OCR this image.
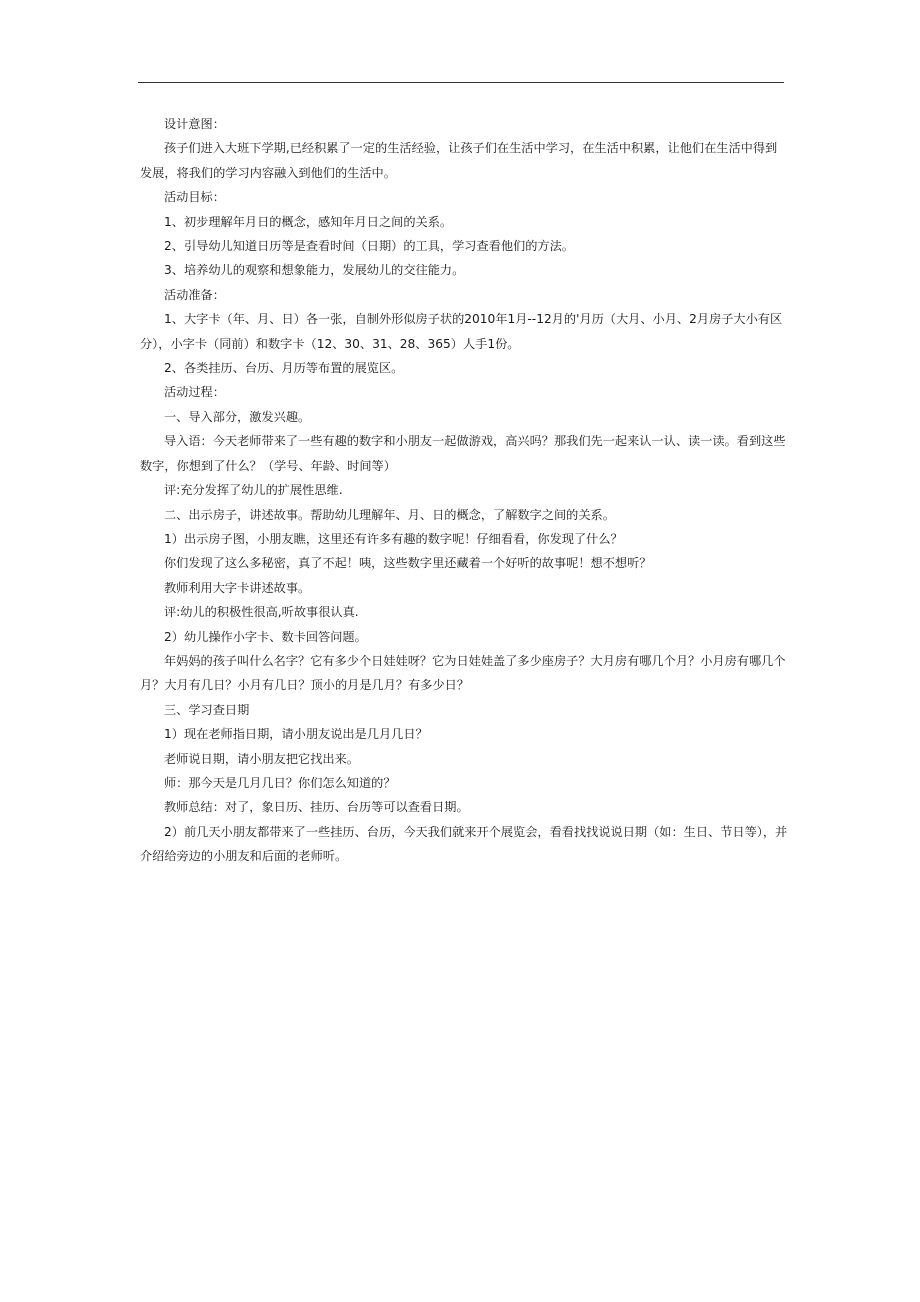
设计意图：

孩子们进入大班下学期,已经积累了一定的生活经验，让孩子们在生活中学习，在生活中积累，让他们在生活中得到发展，将我们的学习内容融入到他们的生活中。

活动目标：

1、初步理解年月日的概念，感知年月日之间的关系。

2、引导幼儿知道日历等是查看时间（日期）的工具，学习查看他们的方法。

3、培养幼儿的观察和想象能力，发展幼儿的交往能力。

活动准备：

1、大字卡（年、月、日）各一张，自制外形似房子状的2010年1月--12月的'月历（大月、小月、2月房子大小有区分），小字卡（同前）和数字卡（12、30、31、28、365）人手1份。

2、各类挂历、台历、月历等布置的展览区。

活动过程：

一、导入部分，激发兴趣。

导入语：今天老师带来了一些有趣的数字和小朋友一起做游戏，高兴吗？那我们先一起来认一认、读一读。看到这些数字，你想到了什么？（学号、年龄、时间等）

评:充分发挥了幼儿的扩展性思维.

二、出示房子，讲述故事。帮助幼儿理解年、月、日的概念，了解数字之间的关系。

1）出示房子图，小朋友瞧，这里还有许多有趣的数字呢！仔细看看，你发现了什么？

你们发现了这么多秘密，真了不起！咦，这些数字里还藏着一个好听的故事呢！想不想听？

教师利用大字卡讲述故事。

评:幼儿的积极性很高,听故事很认真.

2）幼儿操作小字卡、数卡回答问题。

年妈妈的孩子叫什么名字？它有多少个日娃娃呀？它为日娃娃盖了多少座房子？大月房有哪几个月？小月房有哪几个月？大月有几日？小月有几日？顶小的月是几月？有多少日？

三、学习查日期

1）现在老师指日期，请小朋友说出是几月几日？

老师说日期，请小朋友把它找出来。

师：那今天是几月几日？你们怎么知道的？

教师总结：对了，象日历、挂历、台历等可以查看日期。

2）前几天小朋友都带来了一些挂历、台历，今天我们就来开个展览会，看看找找说说日期（如：生日、节日等），并介绍给旁边的小朋友和后面的老师听。
